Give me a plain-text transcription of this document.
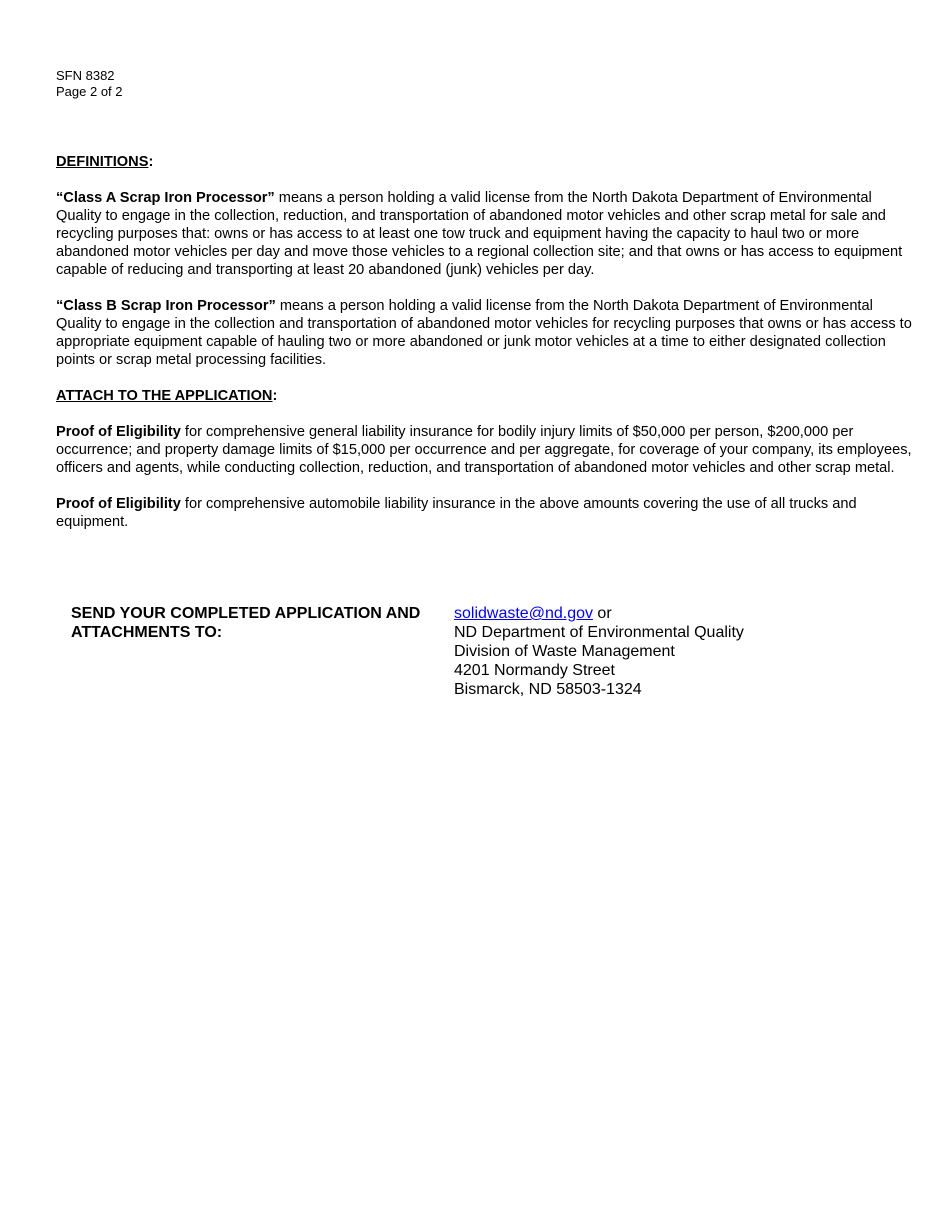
SFN 8382
Page 2 of 2
DEFINITIONS:

“Class A Scrap Iron Processor” means a person holding a valid license from the North Dakota Department of Environmental Quality to engage in the collection, reduction, and transportation of abandoned motor vehicles and other scrap metal for sale and recycling purposes that: owns or has access to at least one tow truck and equipment having the capacity to haul two or more abandoned motor vehicles per day and move those vehicles to a regional collection site; and that owns or has access to equipment capable of reducing and transporting at least 20 abandoned (junk) vehicles per day.

“Class B Scrap Iron Processor” means a person holding a valid license from the North Dakota Department of Environmental Quality to engage in the collection and transportation of abandoned motor vehicles for recycling purposes that owns or has access to appropriate equipment capable of hauling two or more abandoned or junk motor vehicles at a time to either designated collection points or scrap metal processing facilities.

ATTACH TO THE APPLICATION:

Proof of Eligibility for comprehensive general liability insurance for bodily injury limits of $50,000 per person, $200,000 per occurrence; and property damage limits of $15,000 per occurrence and per aggregate, for coverage of your company, its employees, officers and agents, while conducting collection, reduction, and transportation of abandoned motor vehicles and other scrap metal.

Proof of Eligibility for comprehensive automobile liability insurance in the above amounts covering the use of all trucks and equipment.

SEND YOUR COMPLETED APPLICATION AND
ATTACHMENTS TO:
solidwaste@nd.gov or
ND Department of Environmental Quality
Division of Waste Management
4201 Normandy Street
Bismarck, ND 58503-1324
